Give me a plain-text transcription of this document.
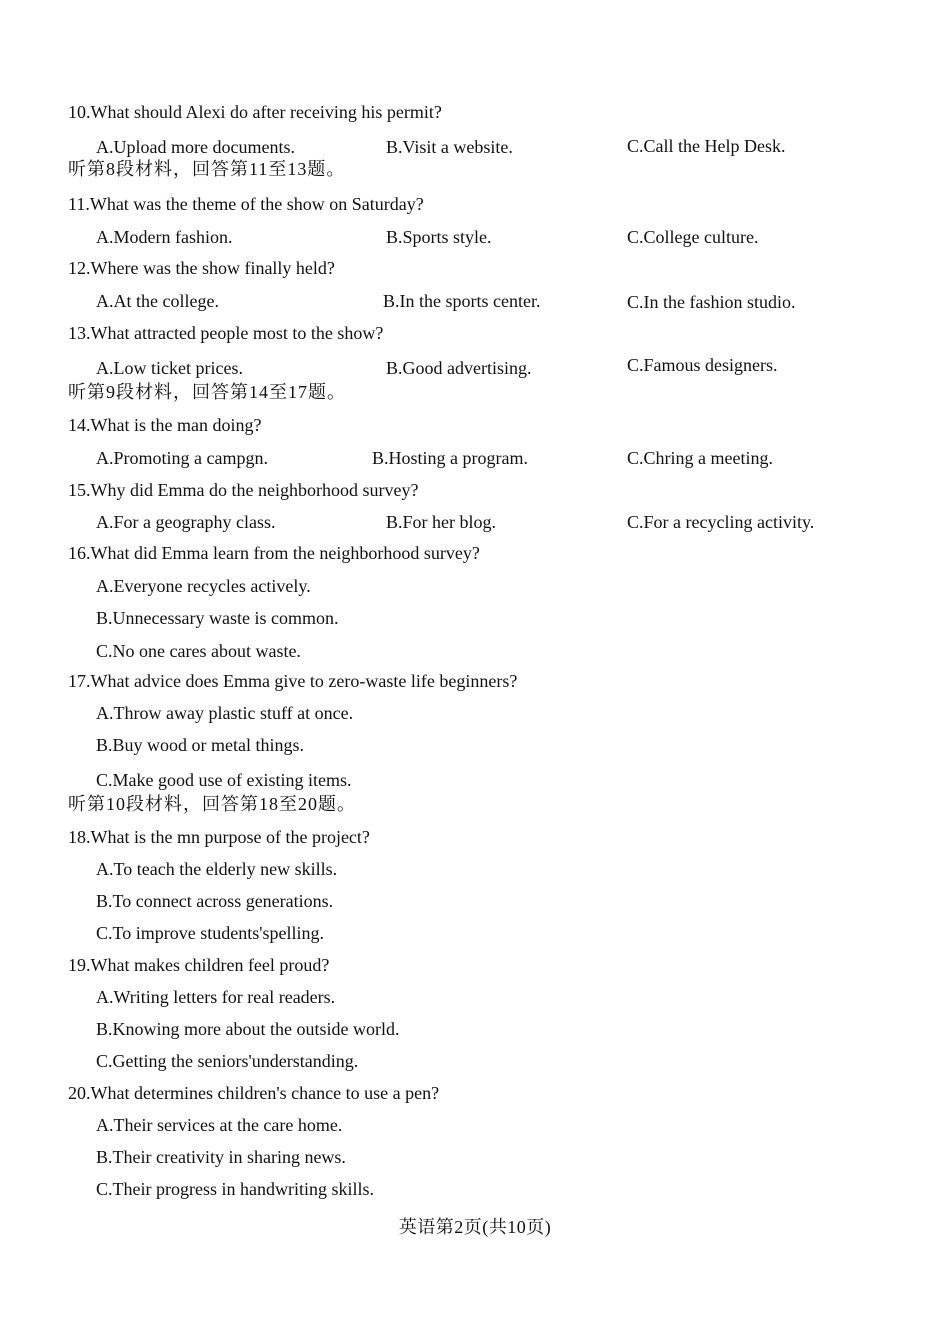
10.What should Alexi do after receiving his permit?
A.Upload more documents.	B.Visit a website.	C.Call the Help Desk.
听第8段材料，回答第11至13题。
11.What was the theme of the show on Saturday?
A.Modern fashion.	B.Sports style.	C.College culture.
12.Where was the show finally held?
A.At the college.	B.In the sports center.	C.In the fashion studio.
13.What attracted people most to the show?
A.Low ticket prices.	B.Good advertising.	C.Famous designers.
听第9段材料，回答第14至17题。
14.What is the man doing?
A.Promoting a campgn.	B.Hosting a program.	C.Chring a meeting.
15.Why did Emma do the neighborhood survey?
A.For a geography class.	B.For her blog.	C.For a recycling activity.
16.What did Emma learn from the neighborhood survey?
A.Everyone recycles actively.
B.Unnecessary waste is common.
C.No one cares about waste.
17.What advice does Emma give to zero-waste life beginners?
A.Throw away plastic stuff at once.
B.Buy wood or metal things.
C.Make good use of existing items.
听第10段材料，回答第18至20题。
18.What is the mn purpose of the project?
A.To teach the elderly new skills.
B.To connect across generations.
C.To improve students'spelling.
19.What makes children feel proud?
A.Writing letters for real readers.
B.Knowing more about the outside world.
C.Getting the seniors'understanding.
20.What determines children's chance to use a pen?
A.Their services at the care home.
B.Their creativity in sharing news.
C.Their progress in handwriting skills.
英语第2页(共10页)
